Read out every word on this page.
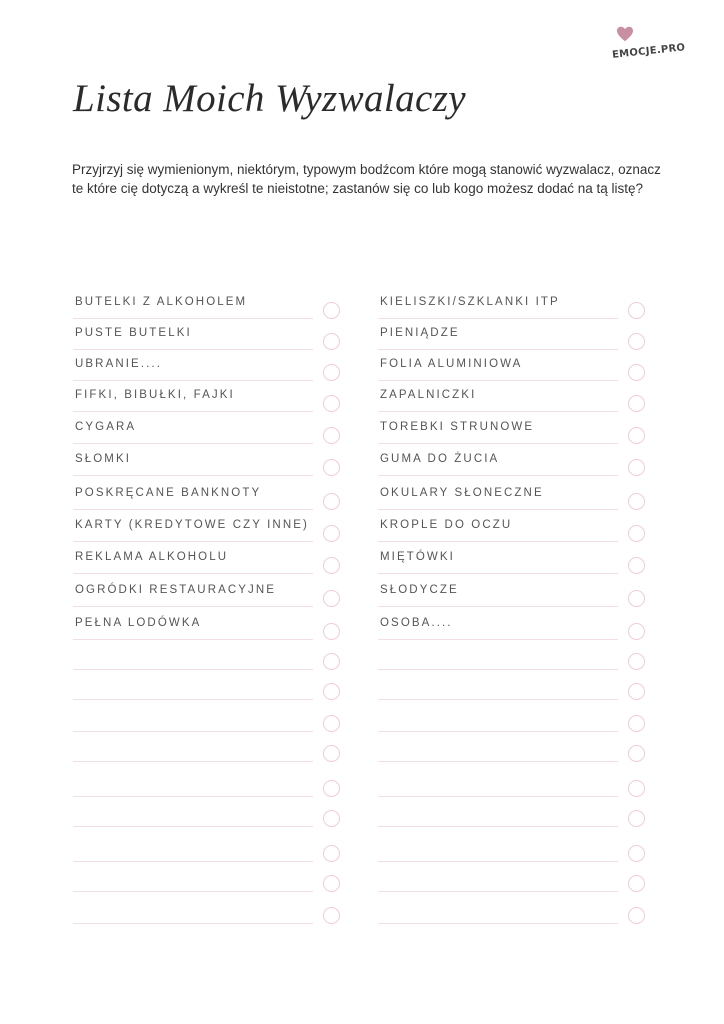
EMOCJE.PRO
Lista Moich Wyzwalaczy

Przyjrzyj się wymienionym, niektórym, typowym bodźcom które mogą stanowić wyzwalacz, oznacz te które cię dotyczą a wykreśl te nieistotne; zastanów się co lub kogo możesz dodać na tą listę?

BUTELKI Z ALKOHOLEM
PUSTE BUTELKI
UBRANIE....
FIFKI, BIBUŁKI, FAJKI
CYGARA
SŁOMKI
POSKRĘCANE BANKNOTY
KARTY (KREDYTOWE CZY INNE)
REKLAMA ALKOHOLU
OGRÓDKI RESTAURACYJNE
PEŁNA LODÓWKA
KIELISZKI/SZKLANKI ITP
PIENIĄDZE
FOLIA ALUMINIOWA
ZAPALNICZKI
TOREBKI STRUNOWE
GUMA DO ŻUCIA
OKULARY SŁONECZNE
KROPLE DO OCZU
MIĘTÓWKI
SŁODYCZE
OSOBA....
